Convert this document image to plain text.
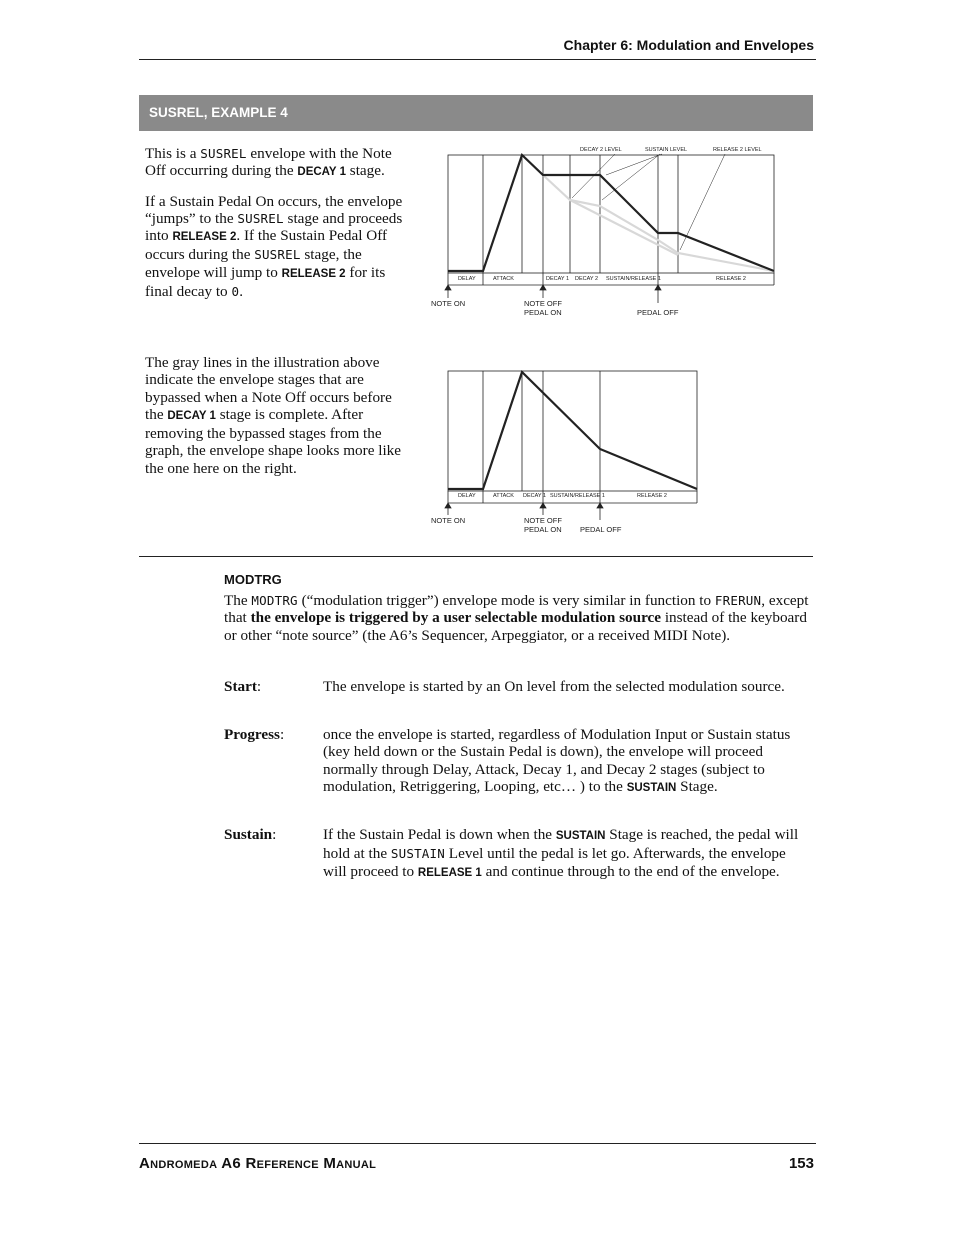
Chapter 6: Modulation and Envelopes
SUSREL, EXAMPLE 4

This is a SUSREL envelope with the Note Off occurring during the DECAY 1 stage.

If a Sustain Pedal On occurs, the envelope “jumps” to the SUSREL stage and proceeds into RELEASE 2. If the Sustain Pedal Off occurs during the SUSREL stage, the envelope will jump to RELEASE 2 for its final decay to 0.

The gray lines in the illustration above indicate the envelope stages that are bypassed when a Note Off occurs before the DECAY 1 stage is complete. After removing the bypassed stages from the graph, the envelope shape looks more like the one here on the right.

DECAY 2 LEVEL	SUSTAIN LEVEL	RELEASE 2 LEVEL
DELAY	ATTACK	DECAY 1 DECAY 2 SUSTAIN/RELEASE 1	RELEASE 2
NOTE ON	NOTE OFF
PEDAL ON	PEDAL OFF
DELAY	ATTACK DECAY 1 SUSTAIN/RELEASE 1	RELEASE 2
NOTE ON	NOTE OFF
PEDAL ON PEDAL OFF
MODTRG
The MODTRG (“modulation trigger”) envelope mode is very similar in function to FRERUN, except that the envelope is triggered by a user selectable modulation source instead of the keyboard or other “note source” (the A6’s Sequencer, Arpeggiator, or a received MIDI Note).
Start:	The envelope is started by an On level from the selected modulation source.
Progress:	once the envelope is started, regardless of Modulation Input or Sustain status (key held down or the Sustain Pedal is down), the envelope will proceed normally through Delay, Attack, Decay 1, and Decay 2 stages (subject to modulation, Retriggering, Looping, etc… ) to the SUSTAIN Stage.
Sustain:	If the Sustain Pedal is down when the SUSTAIN Stage is reached, the pedal will hold at the SUSTAIN Level until the pedal is let go. Afterwards, the envelope will proceed to RELEASE 1 and continue through to the end of the envelope.
Andromeda A6 Reference Manual	153
